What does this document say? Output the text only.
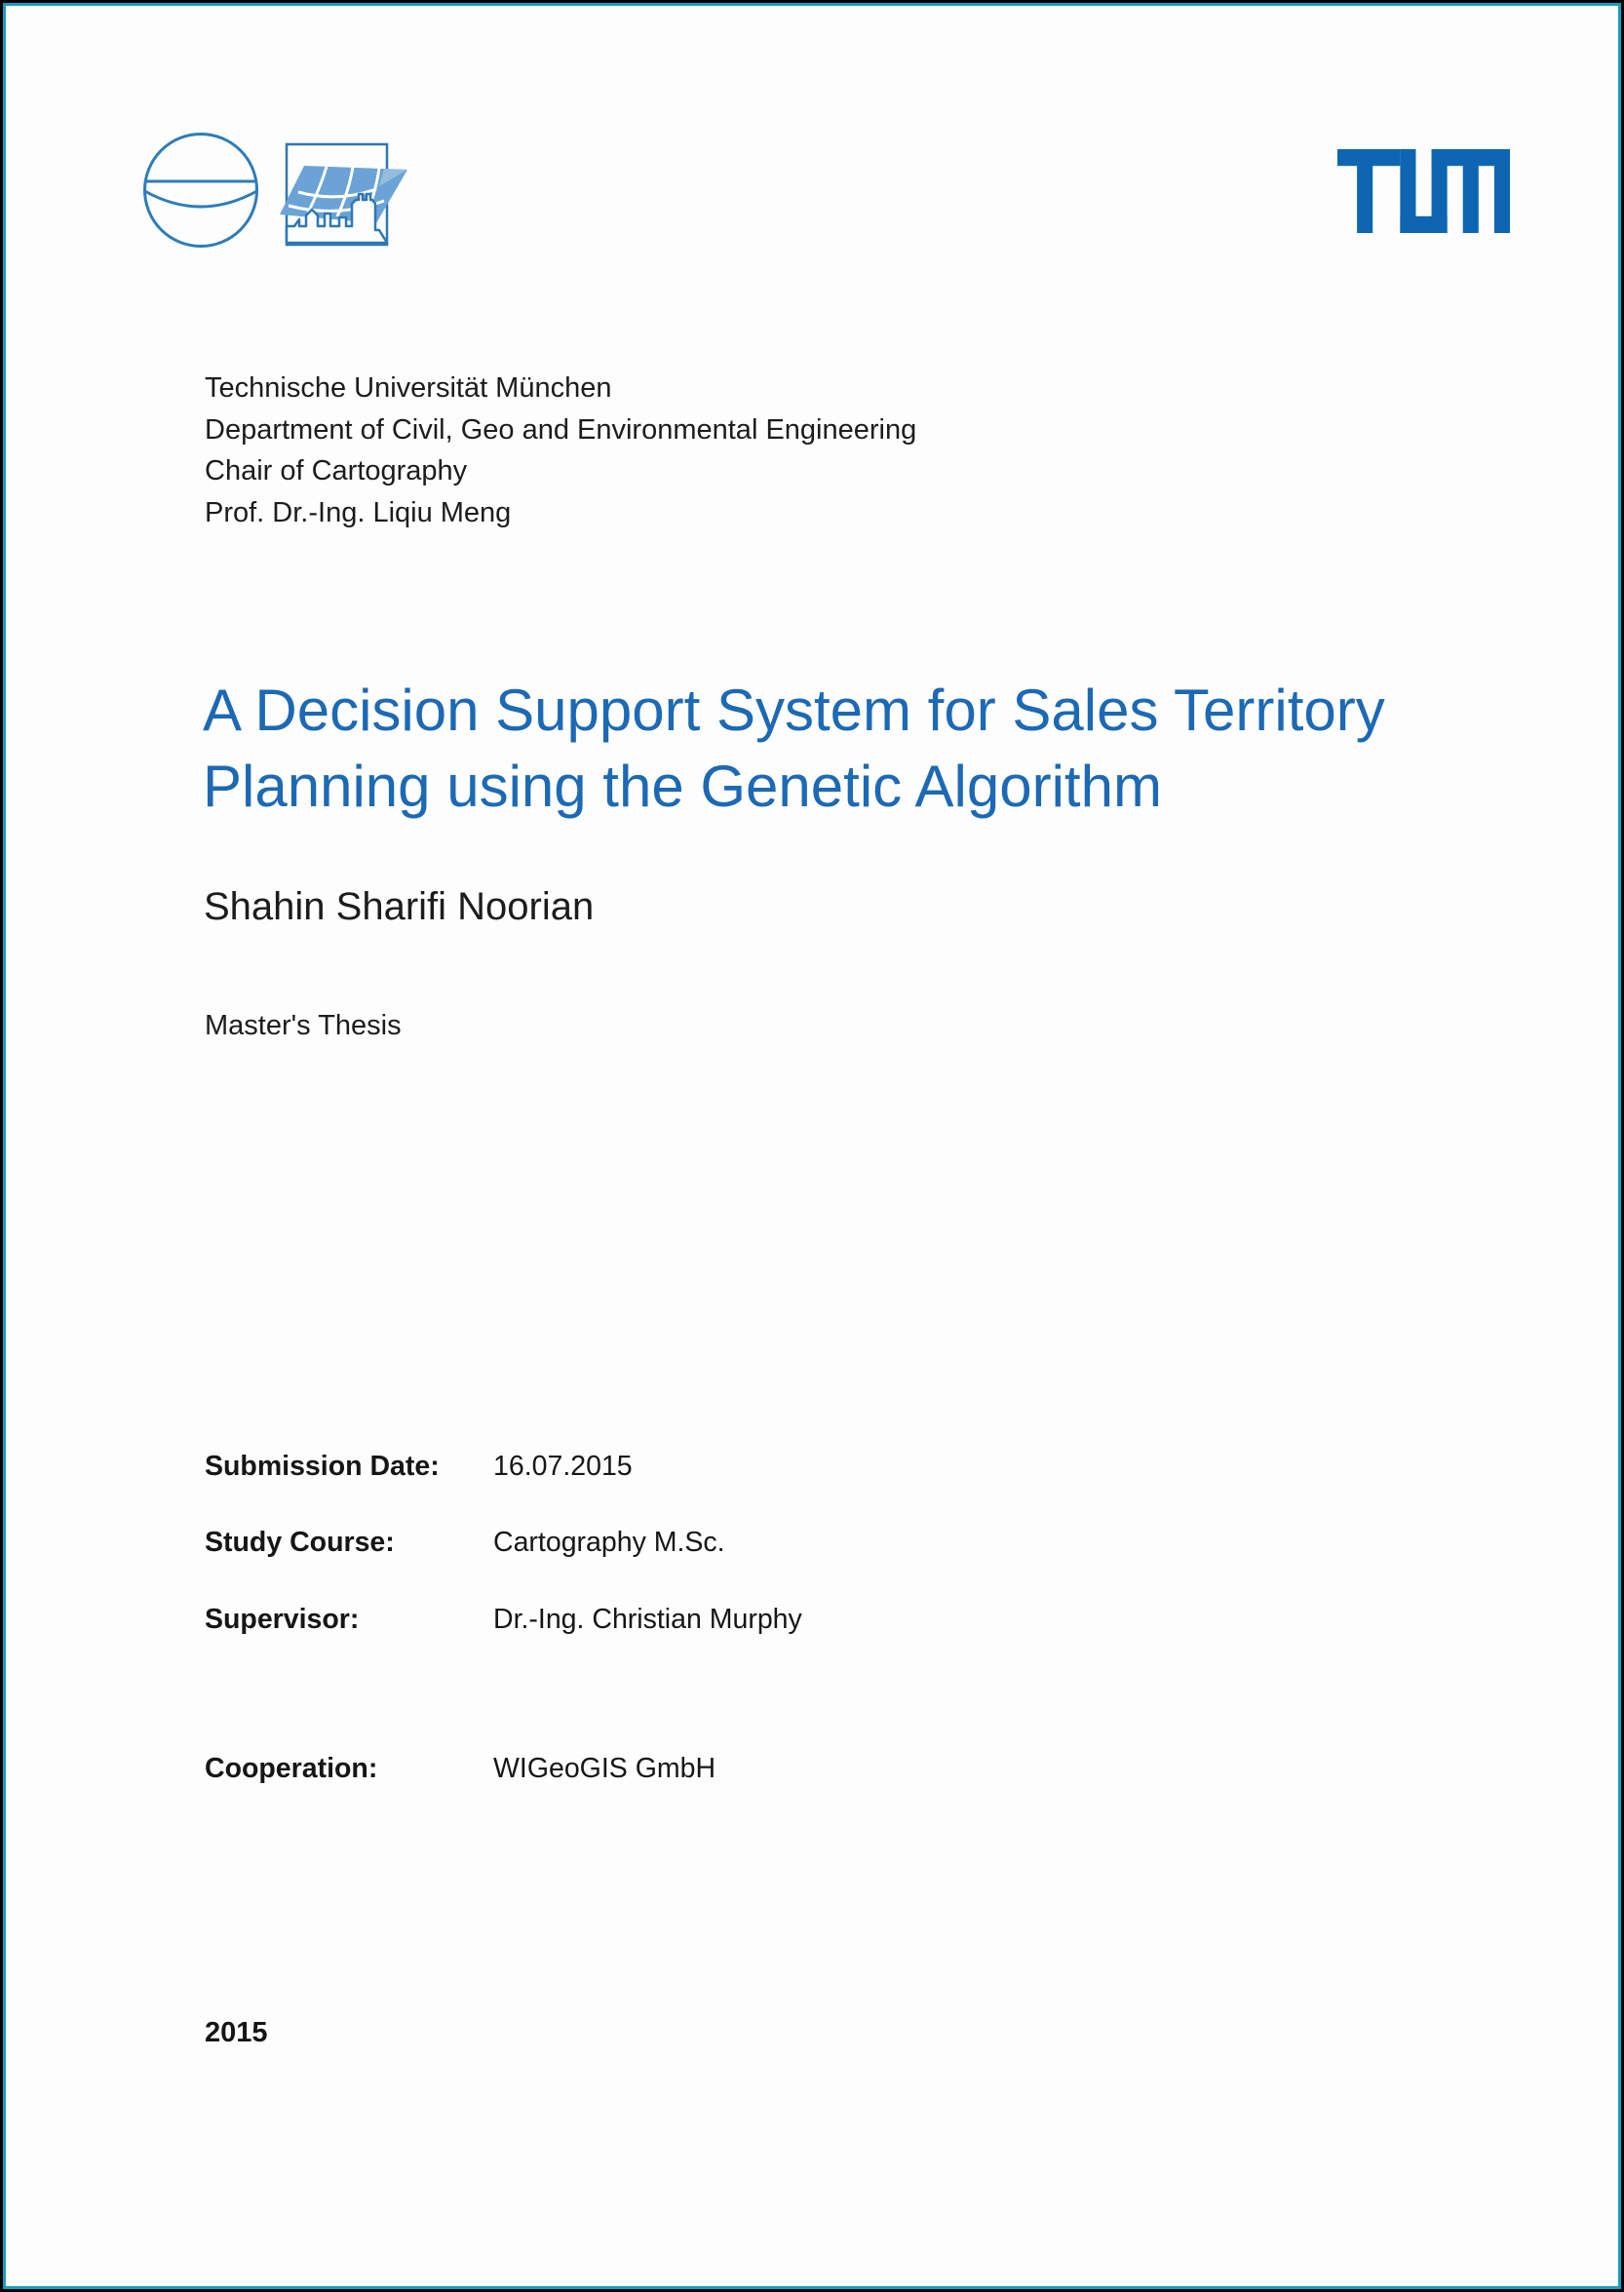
Technische Universität München
Department of Civil, Geo and Environmental Engineering
Chair of Cartography
Prof. Dr.-Ing. Liqiu Meng
A Decision Support System for Sales Territory
Planning using the Genetic Algorithm
Shahin Sharifi Noorian
Master's Thesis
Submission Date:	16.07.2015
Study Course:	Cartography M.Sc.
Supervisor:	Dr.-Ing. Christian Murphy
Cooperation:	WIGeoGIS GmbH
2015
